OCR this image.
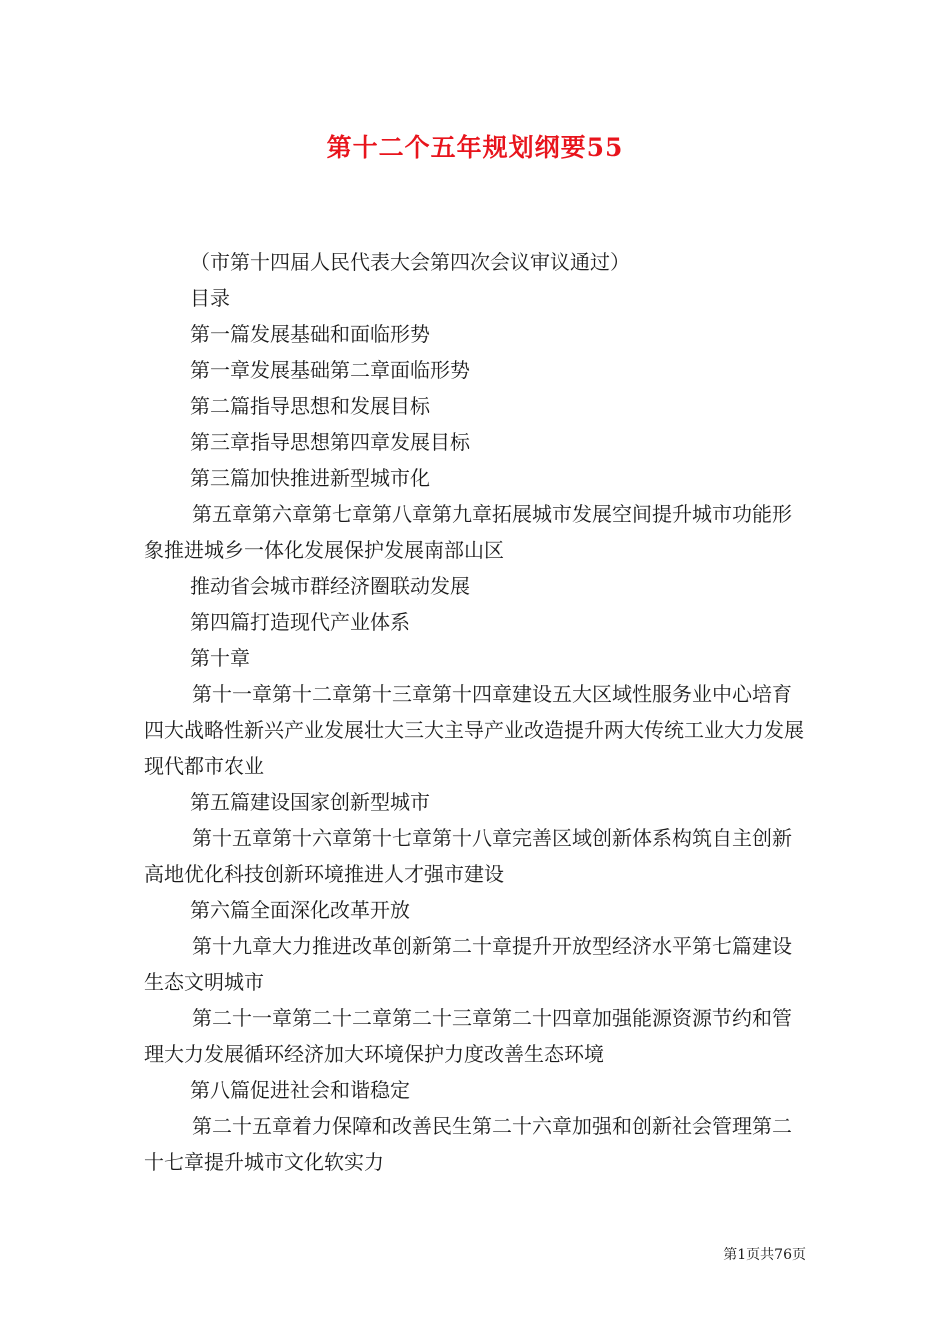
第十二个五年规划纲要55
（市第十四届人民代表大会第四次会议审议通过）
目录
第一篇发展基础和面临形势
第一章发展基础第二章面临形势
第二篇指导思想和发展目标
第三章指导思想第四章发展目标
第三篇加快推进新型城市化
第五章第六章第七章第八章第九章拓展城市发展空间提升城市功能形象推进城乡一体化发展保护发展南部山区
推动省会城市群经济圈联动发展
第四篇打造现代产业体系
第十章
第十一章第十二章第十三章第十四章建设五大区域性服务业中心培育四大战略性新兴产业发展壮大三大主导产业改造提升两大传统工业大力发展现代都市农业
第五篇建设国家创新型城市
第十五章第十六章第十七章第十八章完善区域创新体系构筑自主创新高地优化科技创新环境推进人才强市建设
第六篇全面深化改革开放
第十九章大力推进改革创新第二十章提升开放型经济水平第七篇建设生态文明城市
第二十一章第二十二章第二十三章第二十四章加强能源资源节约和管理大力发展循环经济加大环境保护力度改善生态环境
第八篇促进社会和谐稳定
第二十五章着力保障和改善民生第二十六章加强和创新社会管理第二十七章提升城市文化软实力
第1页共76页
